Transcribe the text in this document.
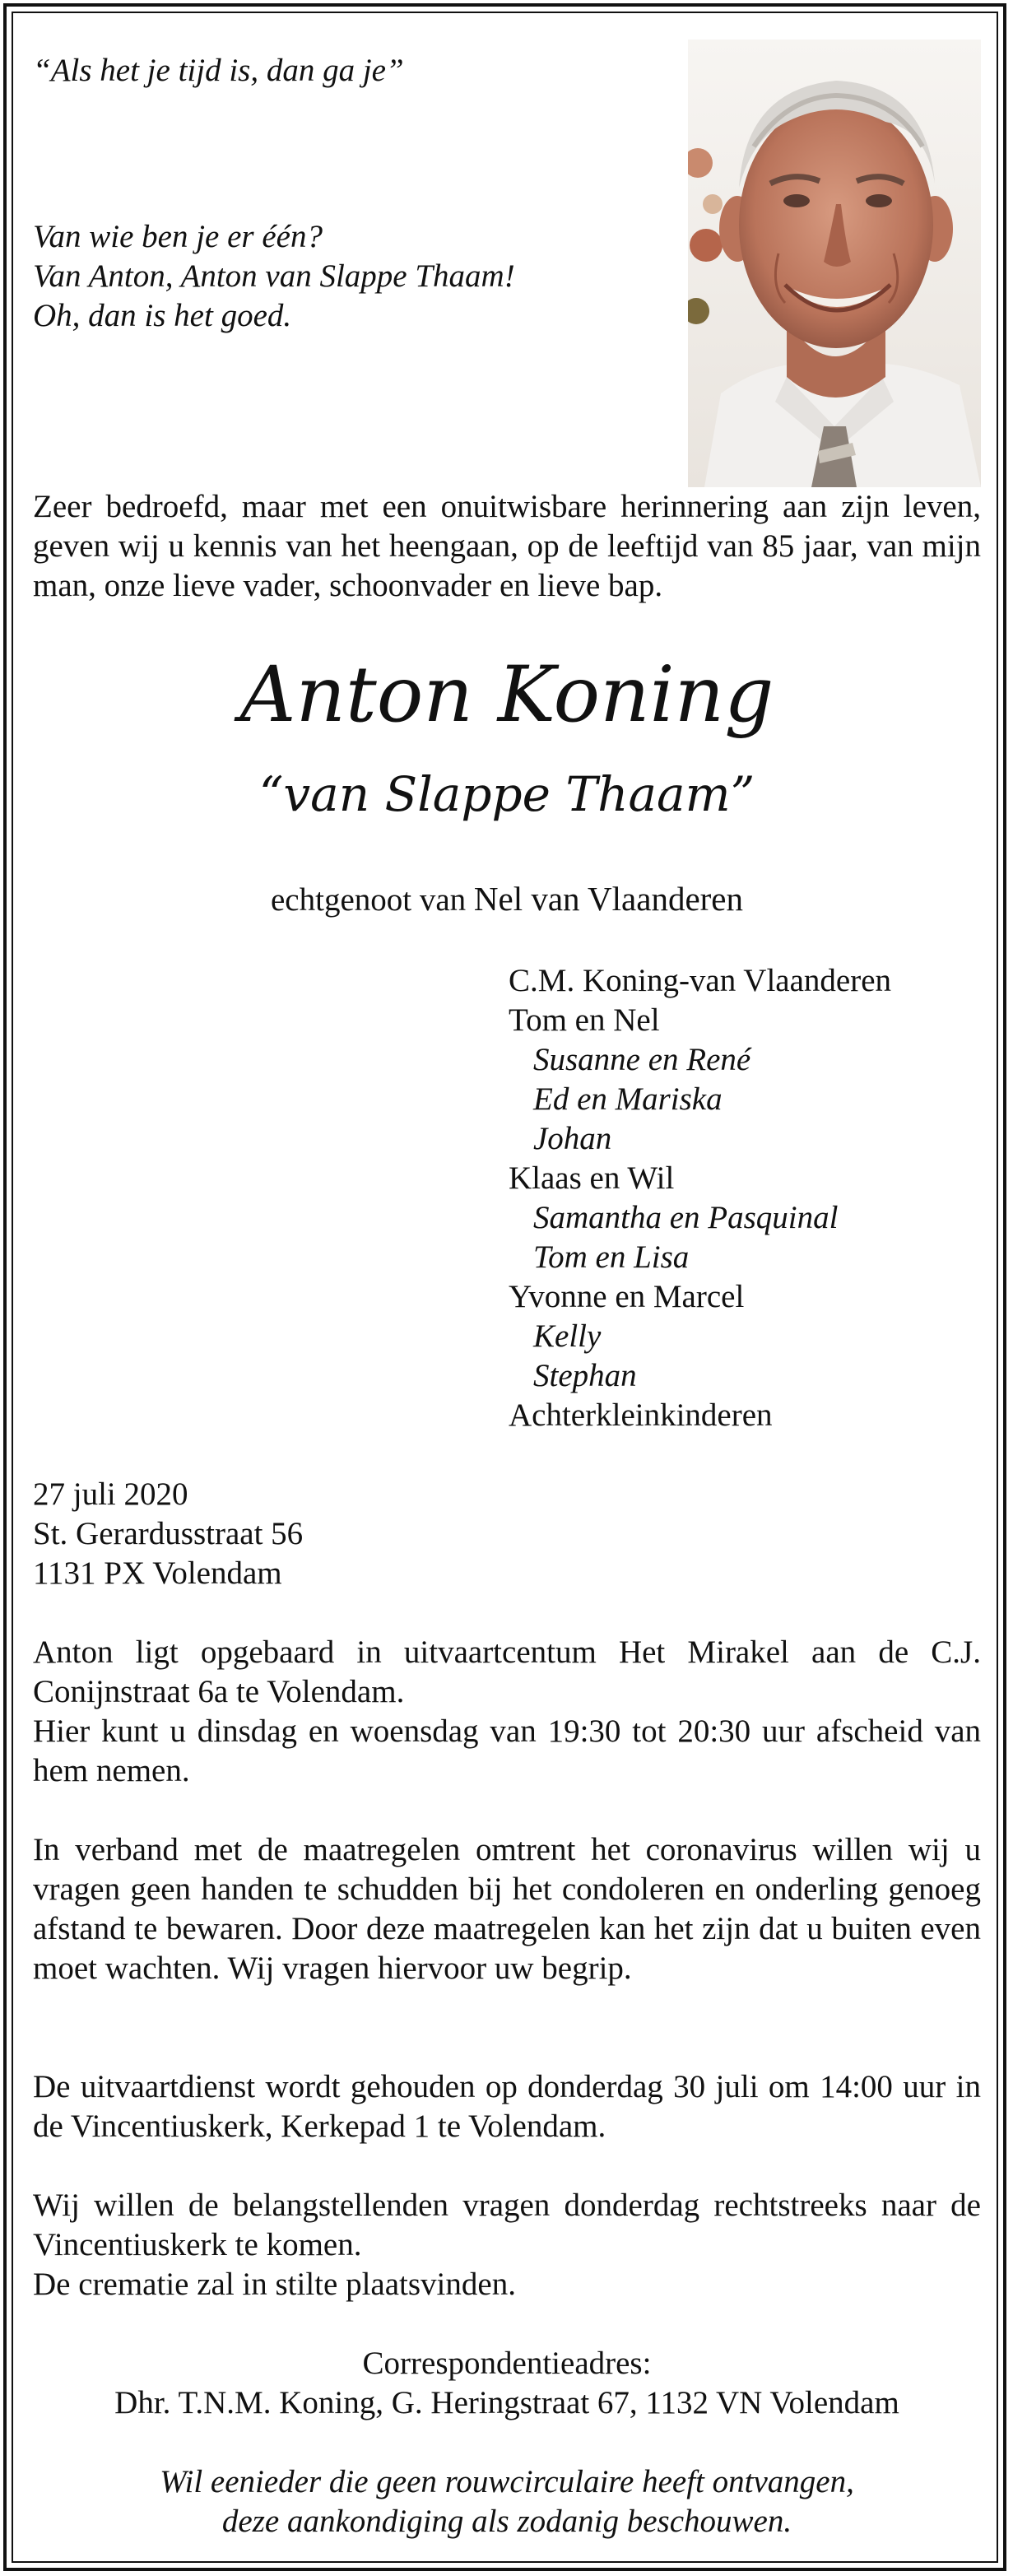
“Als het je tijd is, dan ga je”
Van wie ben je er één?
Van Anton, Anton van Slappe Thaam!
Oh, dan is het goed.
Zeer bedroefd, maar met een onuitwisbare herinnering aan zijn leven, geven wij u kennis van het heengaan, op de leeftijd van 85 jaar, van mijn man, onze lieve vader, schoonvader en lieve bap.
Anton Koning
“van Slappe Thaam”
echtgenoot van Nel van Vlaanderen
C.M. Koning-van Vlaanderen
Tom en Nel
Susanne en René
Ed en Mariska
Johan
Klaas en Wil
Samantha en Pasquinal
Tom en Lisa
Yvonne en Marcel
Kelly
Stephan
Achterkleinkinderen
27 juli 2020
St. Gerardusstraat 56
1131 PX Volendam
Anton ligt opgebaard in uitvaartcentum Het Mirakel aan de C.J. Conijnstraat 6a te Volendam.
Hier kunt u dinsdag en woensdag van 19:30 tot 20:30 uur afscheid van hem nemen.
In verband met de maatregelen omtrent het coronavirus willen wij u vragen geen handen te schudden bij het condoleren en onderling genoeg afstand te bewaren. Door deze maatregelen kan het zijn dat u buiten even moet wachten. Wij vragen hiervoor uw begrip.
De uitvaartdienst wordt gehouden op donderdag 30 juli om 14:00 uur in de Vincentiuskerk, Kerkepad 1 te Volendam.
Wij willen de belangstellenden vragen donderdag rechtstreeks naar de Vincentiuskerk te komen.
De crematie zal in stilte plaatsvinden.
Correspondentieadres:
Dhr. T.N.M. Koning, G. Heringstraat 67, 1132 VN Volendam
Wil eenieder die geen rouwcirculaire heeft ontvangen,
deze aankondiging als zodanig beschouwen.
